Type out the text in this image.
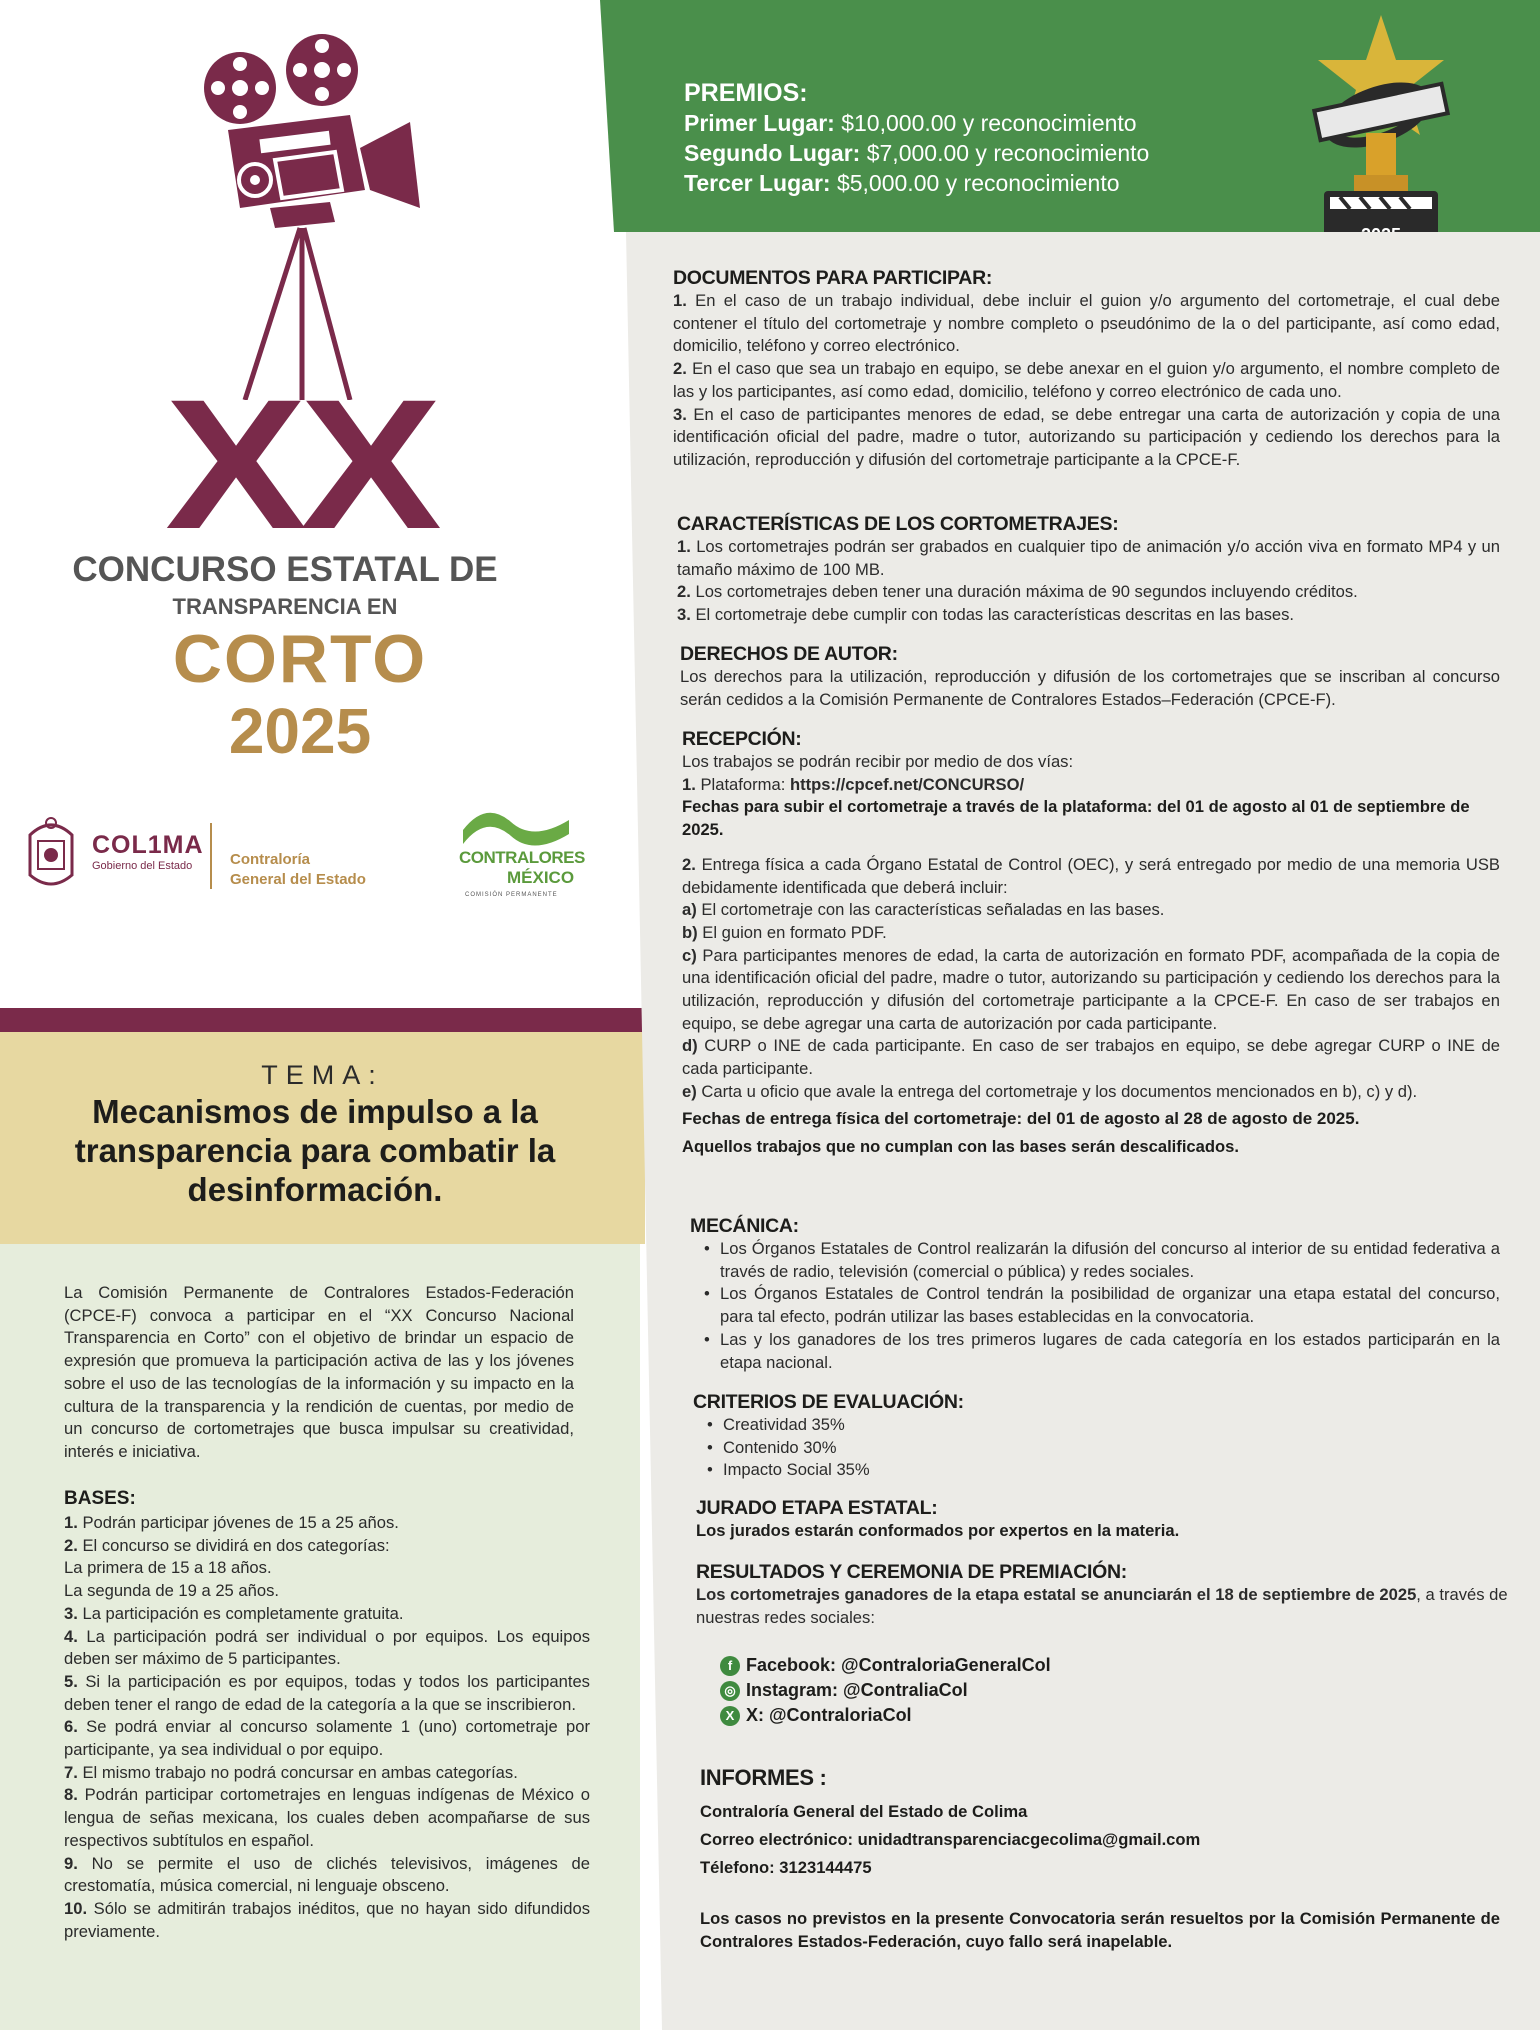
XX
CONCURSO ESTATAL DE
TRANSPARENCIA EN
CORTO
2025
COL1MA
Gobierno del Estado	Contraloría
General del Estado
CONTRALORES
MÉXICO
COMISIÓN PERMANENTE
TEMA:
Mecanismos de impulso a la transparencia para combatir la desinformación.

La Comisión Permanente de Contralores Estados-Federación (CPCE-F) convoca a participar en el “XX Concurso Nacional Transparencia en Corto” con el objetivo de brindar un espacio de expresión que promueva la participación activa de las y los jóvenes sobre el uso de las tecnologías de la información y su impacto en la cultura de la transparencia y la rendición de cuentas, por medio de un concurso de cortometrajes que busca impulsar su creatividad, interés e iniciativa.

BASES:
1. Podrán participar jóvenes de 15 a 25 años.
2. El concurso se dividirá en dos categorías:
La primera de 15 a 18 años.
La segunda de 19 a 25 años.
3. La participación es completamente gratuita.
4. La participación podrá ser individual o por equipos. Los equipos deben ser máximo de 5 participantes.
5. Si la participación es por equipos, todas y todos los participantes deben tener el rango de edad de la categoría a la que se inscribieron.
6. Se podrá enviar al concurso solamente 1 (uno) cortometraje por participante, ya sea individual o por equipo.
7. El mismo trabajo no podrá concursar en ambas categorías.
8. Podrán participar cortometrajes en lenguas indígenas de México o lengua de señas mexicana, los cuales deben acompañarse de sus respectivos subtítulos en español.
9. No se permite el uso de clichés televisivos, imágenes de crestomatía, música comercial, ni lenguaje obsceno.
10. Sólo se admitirán trabajos inéditos, que no hayan sido difundidos previamente.
PREMIOS:
Primer Lugar: $10,000.00 y reconocimiento
Segundo Lugar: $7,000.00 y reconocimiento
Tercer Lugar: $5,000.00 y reconocimiento
DOCUMENTOS PARA PARTICIPAR:
1. En el caso de un trabajo individual, debe incluir el guion y/o argumento del cortometraje, el cual debe contener el título del cortometraje y nombre completo o pseudónimo de la o del participante, así como edad, domicilio, teléfono y correo electrónico.
2. En el caso que sea un trabajo en equipo, se debe anexar en el guion y/o argumento, el nombre completo de las y los participantes, así como edad, domicilio, teléfono y correo electrónico de cada uno.
3. En el caso de participantes menores de edad, se debe entregar una carta de autorización y copia de una identificación oficial del padre, madre o tutor, autorizando su participación y cediendo los derechos para la utilización, reproducción y difusión del cortometraje participante a la CPCE-F.
CARACTERÍSTICAS DE LOS CORTOMETRAJES:
1. Los cortometrajes podrán ser grabados en cualquier tipo de animación y/o acción viva en formato MP4 y un tamaño máximo de 100 MB.
2. Los cortometrajes deben tener una duración máxima de 90 segundos incluyendo créditos.
3. El cortometraje debe cumplir con todas las características descritas en las bases.
DERECHOS DE AUTOR:
Los derechos para la utilización, reproducción y difusión de los cortometrajes que se inscriban al concurso serán cedidos a la Comisión Permanente de Contralores Estados–Federación (CPCE-F).
RECEPCIÓN:
Los trabajos se podrán recibir por medio de dos vías:
1. Plataforma: https://cpcef.net/CONCURSO/
Fechas para subir el cortometraje a través de la plataforma: del 01 de agosto al 01 de septiembre de 2025.
2. Entrega física a cada Órgano Estatal de Control (OEC), y será entregado por medio de una memoria USB debidamente identificada que deberá incluir:
a) El cortometraje con las características señaladas en las bases.
b) El guion en formato PDF.
c) Para participantes menores de edad, la carta de autorización en formato PDF, acompañada de la copia de una identificación oficial del padre, madre o tutor, autorizando su participación y cediendo los derechos para la utilización, reproducción y difusión del cortometraje participante a la CPCE-F. En caso de ser trabajos en equipo, se debe agregar una carta de autorización por cada participante.
d) CURP o INE de cada participante. En caso de ser trabajos en equipo, se debe agregar CURP o INE de cada participante.
e) Carta u oficio que avale la entrega del cortometraje y los documentos mencionados en b), c) y d).
Fechas de entrega física del cortometraje: del 01 de agosto al 28 de agosto de 2025.
Aquellos trabajos que no cumplan con las bases serán descalificados.
MECÁNICA:
• Los Órganos Estatales de Control realizarán la difusión del concurso al interior de su entidad federativa a través de radio, televisión (comercial o pública) y redes sociales.
• Los Órganos Estatales de Control tendrán la posibilidad de organizar una etapa estatal del concurso, para tal efecto, podrán utilizar las bases establecidas en la convocatoria.
• Las y los ganadores de los tres primeros lugares de cada categoría en los estados participarán en la etapa nacional.
CRITERIOS DE EVALUACIÓN:
• Creatividad 35%
• Contenido 30%
• Impacto Social 35%
JURADO ETAPA ESTATAL:
Los jurados estarán conformados por expertos en la materia.
RESULTADOS Y CEREMONIA DE PREMIACIÓN:
Los cortometrajes ganadores de la etapa estatal se anunciarán el 18 de septiembre de 2025, a través de nuestras redes sociales:
f Facebook: @ContraloriaGeneralCol
◎ Instagram: @ContraliaCol
X X: @ContraloriaCol
INFORMES :
Contraloría General del Estado de Colima
Correo electrónico: unidadtransparenciacgecolima@gmail.com
Télefono: 3123144475
Los casos no previstos en la presente Convocatoria serán resueltos por la Comisión Permanente de Contralores Estados-Federación, cuyo fallo será inapelable.
